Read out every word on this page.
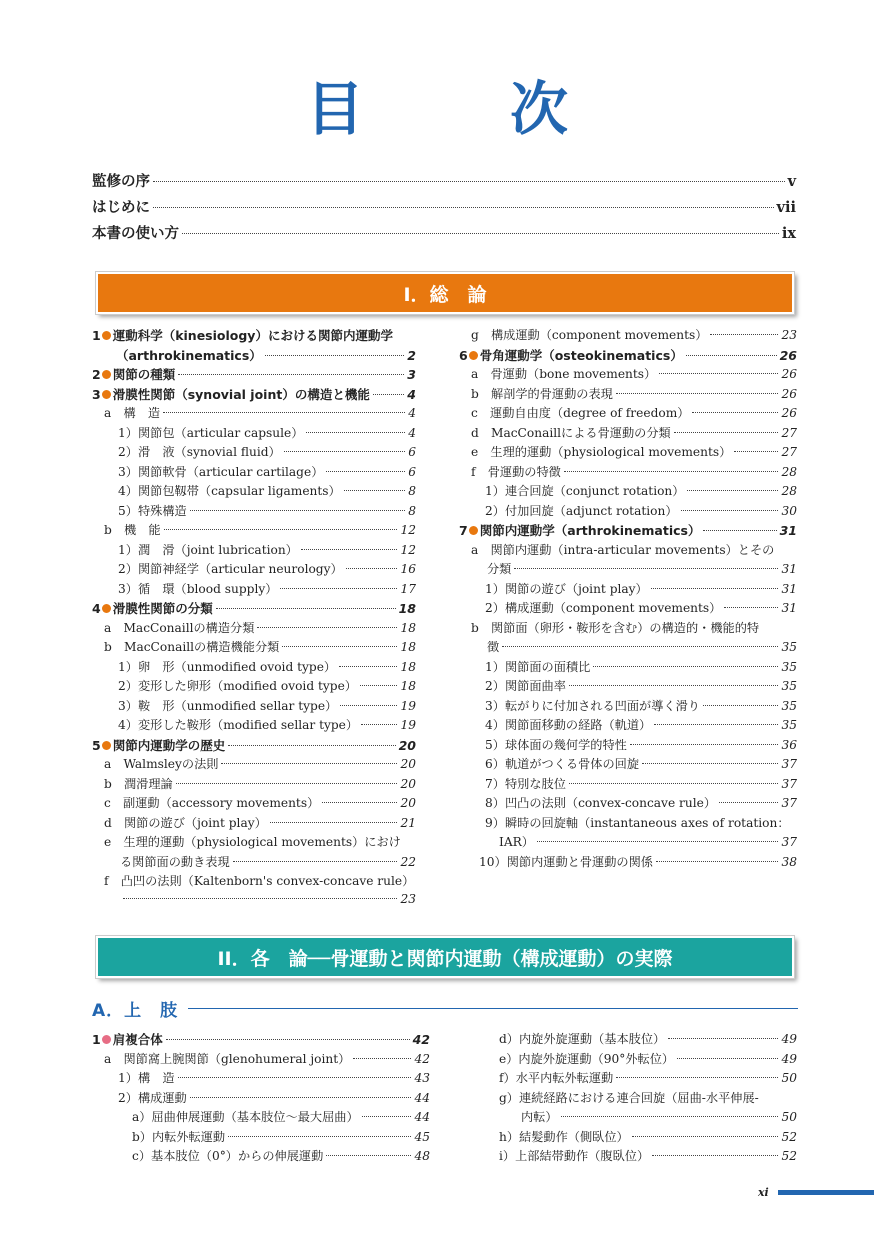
目　次
監修の序	v
はじめに	vii
本書の使い方	ix
I．総　論
1 運動科学（kinesiology）における関節内運動学
（arthrokinematics）	2
2 関節の種類	3
3 滑膜性関節（synovial joint）の構造と機能	4
a　構　造	4
1）関節包（articular capsule）	4
2）滑　液（synovial fluid）	6
3）関節軟骨（articular cartilage）	6
4）関節包靱帯（capsular ligaments）	8
5）特殊構造	8
b　機　能	12
1）潤　滑（joint lubrication）	12
2）関節神経学（articular neurology）	16
3）循　環（blood supply）	17
4 滑膜性関節の分類	18
a　MacConaillの構造分類	18
b　MacConaillの構造機能分類	18
1）卵　形（unmodified ovoid type）	18
2）変形した卵形（modified ovoid type）	18
3）鞍　形（unmodified sellar type）	19
4）変形した鞍形（modified sellar type）	19
5 関節内運動学の歴史	20
a　Walmsleyの法則	20
b　潤滑理論	20
c　副運動（accessory movements）	20
d　関節の遊び（joint play）	21
e　生理的運動（physiological movements）におけ
る関節面の動き表現	22
f　凸凹の法則（Kaltenborn's convex-concave rule）
23
g　構成運動（component movements）	23
6 骨角運動学（osteokinematics）	26
a　骨運動（bone movements）	26
b　解剖学的骨運動の表現	26
c　運動自由度（degree of freedom）	26
d　MacConaillによる骨運動の分類	27
e　生理的運動（physiological movements）	27
f　骨運動の特徴	28
1）連合回旋（conjunct rotation）	28
2）付加回旋（adjunct rotation）	30
7 関節内運動学（arthrokinematics）	31
a　関節内運動（intra-articular movements）とその
分類	31
1）関節の遊び（joint play）	31
2）構成運動（component movements）	31
b　関節面（卵形・鞍形を含む）の構造的・機能的特
徴	35
1）関節面の面積比	35
2）関節面曲率	35
3）転がりに付加される凹面が導く滑り	35
4）関節面移動の経路（軌道）	35
5）球体面の幾何学的特性	36
6）軌道がつくる骨体の回旋	37
7）特別な肢位	37
8）凹凸の法則（convex-concave rule）	37
9）瞬時の回旋軸（instantaneous axes of rotation：
IAR）	37
10）関節内運動と骨運動の関係	38
II．各　論──骨運動と関節内運動（構成運動）の実際
A．上　肢
1 肩複合体	42
a　関節窩上腕関節（glenohumeral joint）	42
1）構　造	43
2）構成運動	44
a）屈曲伸展運動（基本肢位～最大屈曲）	44
b）内転外転運動	45
c）基本肢位（0°）からの伸展運動	48
d）内旋外旋運動（基本肢位）	49
e）内旋外旋運動（90°外転位）	49
f）水平内転外転運動	50
g）連続経路における連合回旋（屈曲-水平伸展-
内転）	50
h）結髪動作（側臥位）	52
i）上部結帯動作（腹臥位）	52
xi
